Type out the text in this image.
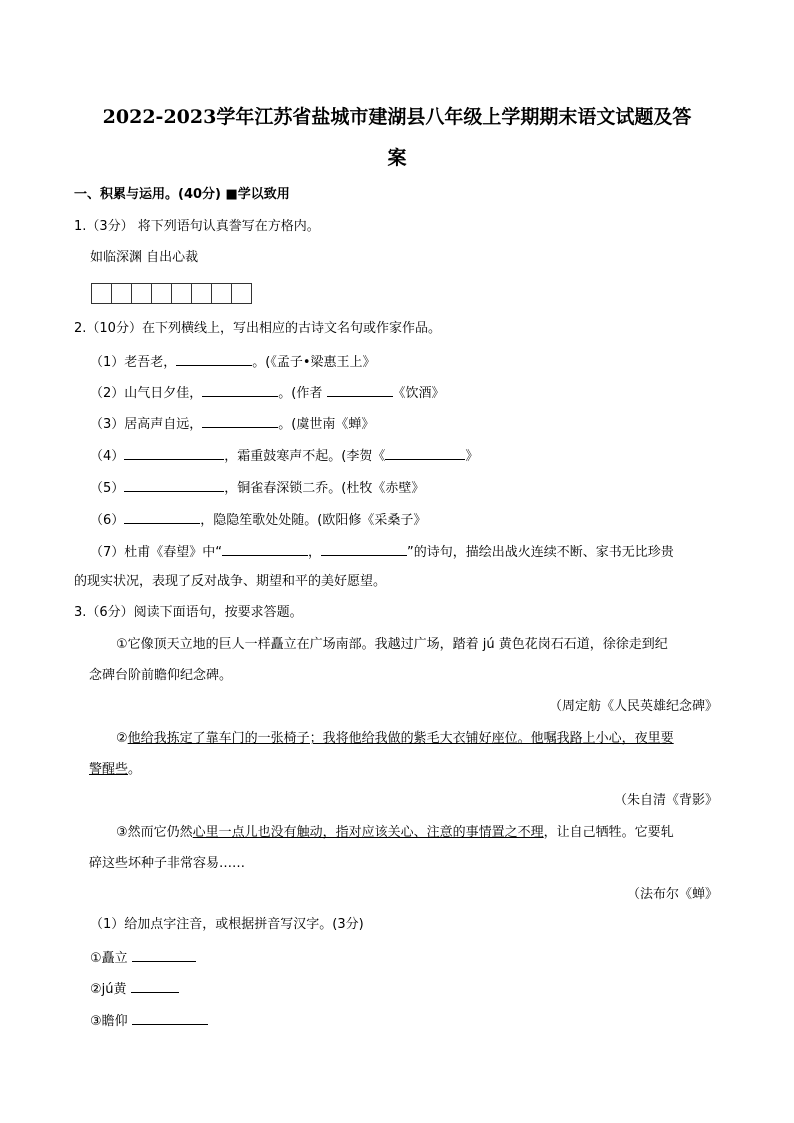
2022-2023学年江苏省盐城市建湖县八年级上学期期末语文试题及答
案
一、积累与运用。(40分) ■学以致用
1.（3分） 将下列语句认真誊写在方格内。
如临深渊 自出心裁
2.（10分）在下列横线上，写出相应的古诗文名句或作家作品。
（1）老吾老，	。(《孟子•梁惠王上》
（2）山气日夕佳，	。(作者	《饮酒》
（3）居高声自远，	。(虞世南《蝉》
（4）	，霜重鼓寒声不起。(李贺《	》
（5）	，铜雀春深锁二乔。(杜牧《赤壁》
（6）	，隐隐笙歌处处随。(欧阳修《采桑子》
（7）杜甫《春望》中“	，	”的诗句，描绘出战火连续不断、家书无比珍贵
的现实状况，表现了反对战争、期望和平的美好愿望。
3.（6分）阅读下面语句，按要求答题。
①它像顶天立地的巨人一样矗立在广场南部。我越过广场，踏着 jú 黄色花岗石石道，徐徐走到纪
念碑台阶前瞻仰纪念碑。
（周定舫《人民英雄纪念碑》
②他给我拣定了靠车门的一张椅子；我将他给我做的紫毛大衣铺好座位。他嘱我路上小心，夜里要
警醒些。
（朱自清《背影》
③然而它仍然心里一点儿也没有触动，指对应该关心、注意的事情置之不理，让自己牺牲。它要轧
碎这些坏种子非常容易……
（法布尔《蝉》
（1）给加点字注音，或根据拼音写汉字。(3分)
①矗立
②jú黄
③瞻仰
